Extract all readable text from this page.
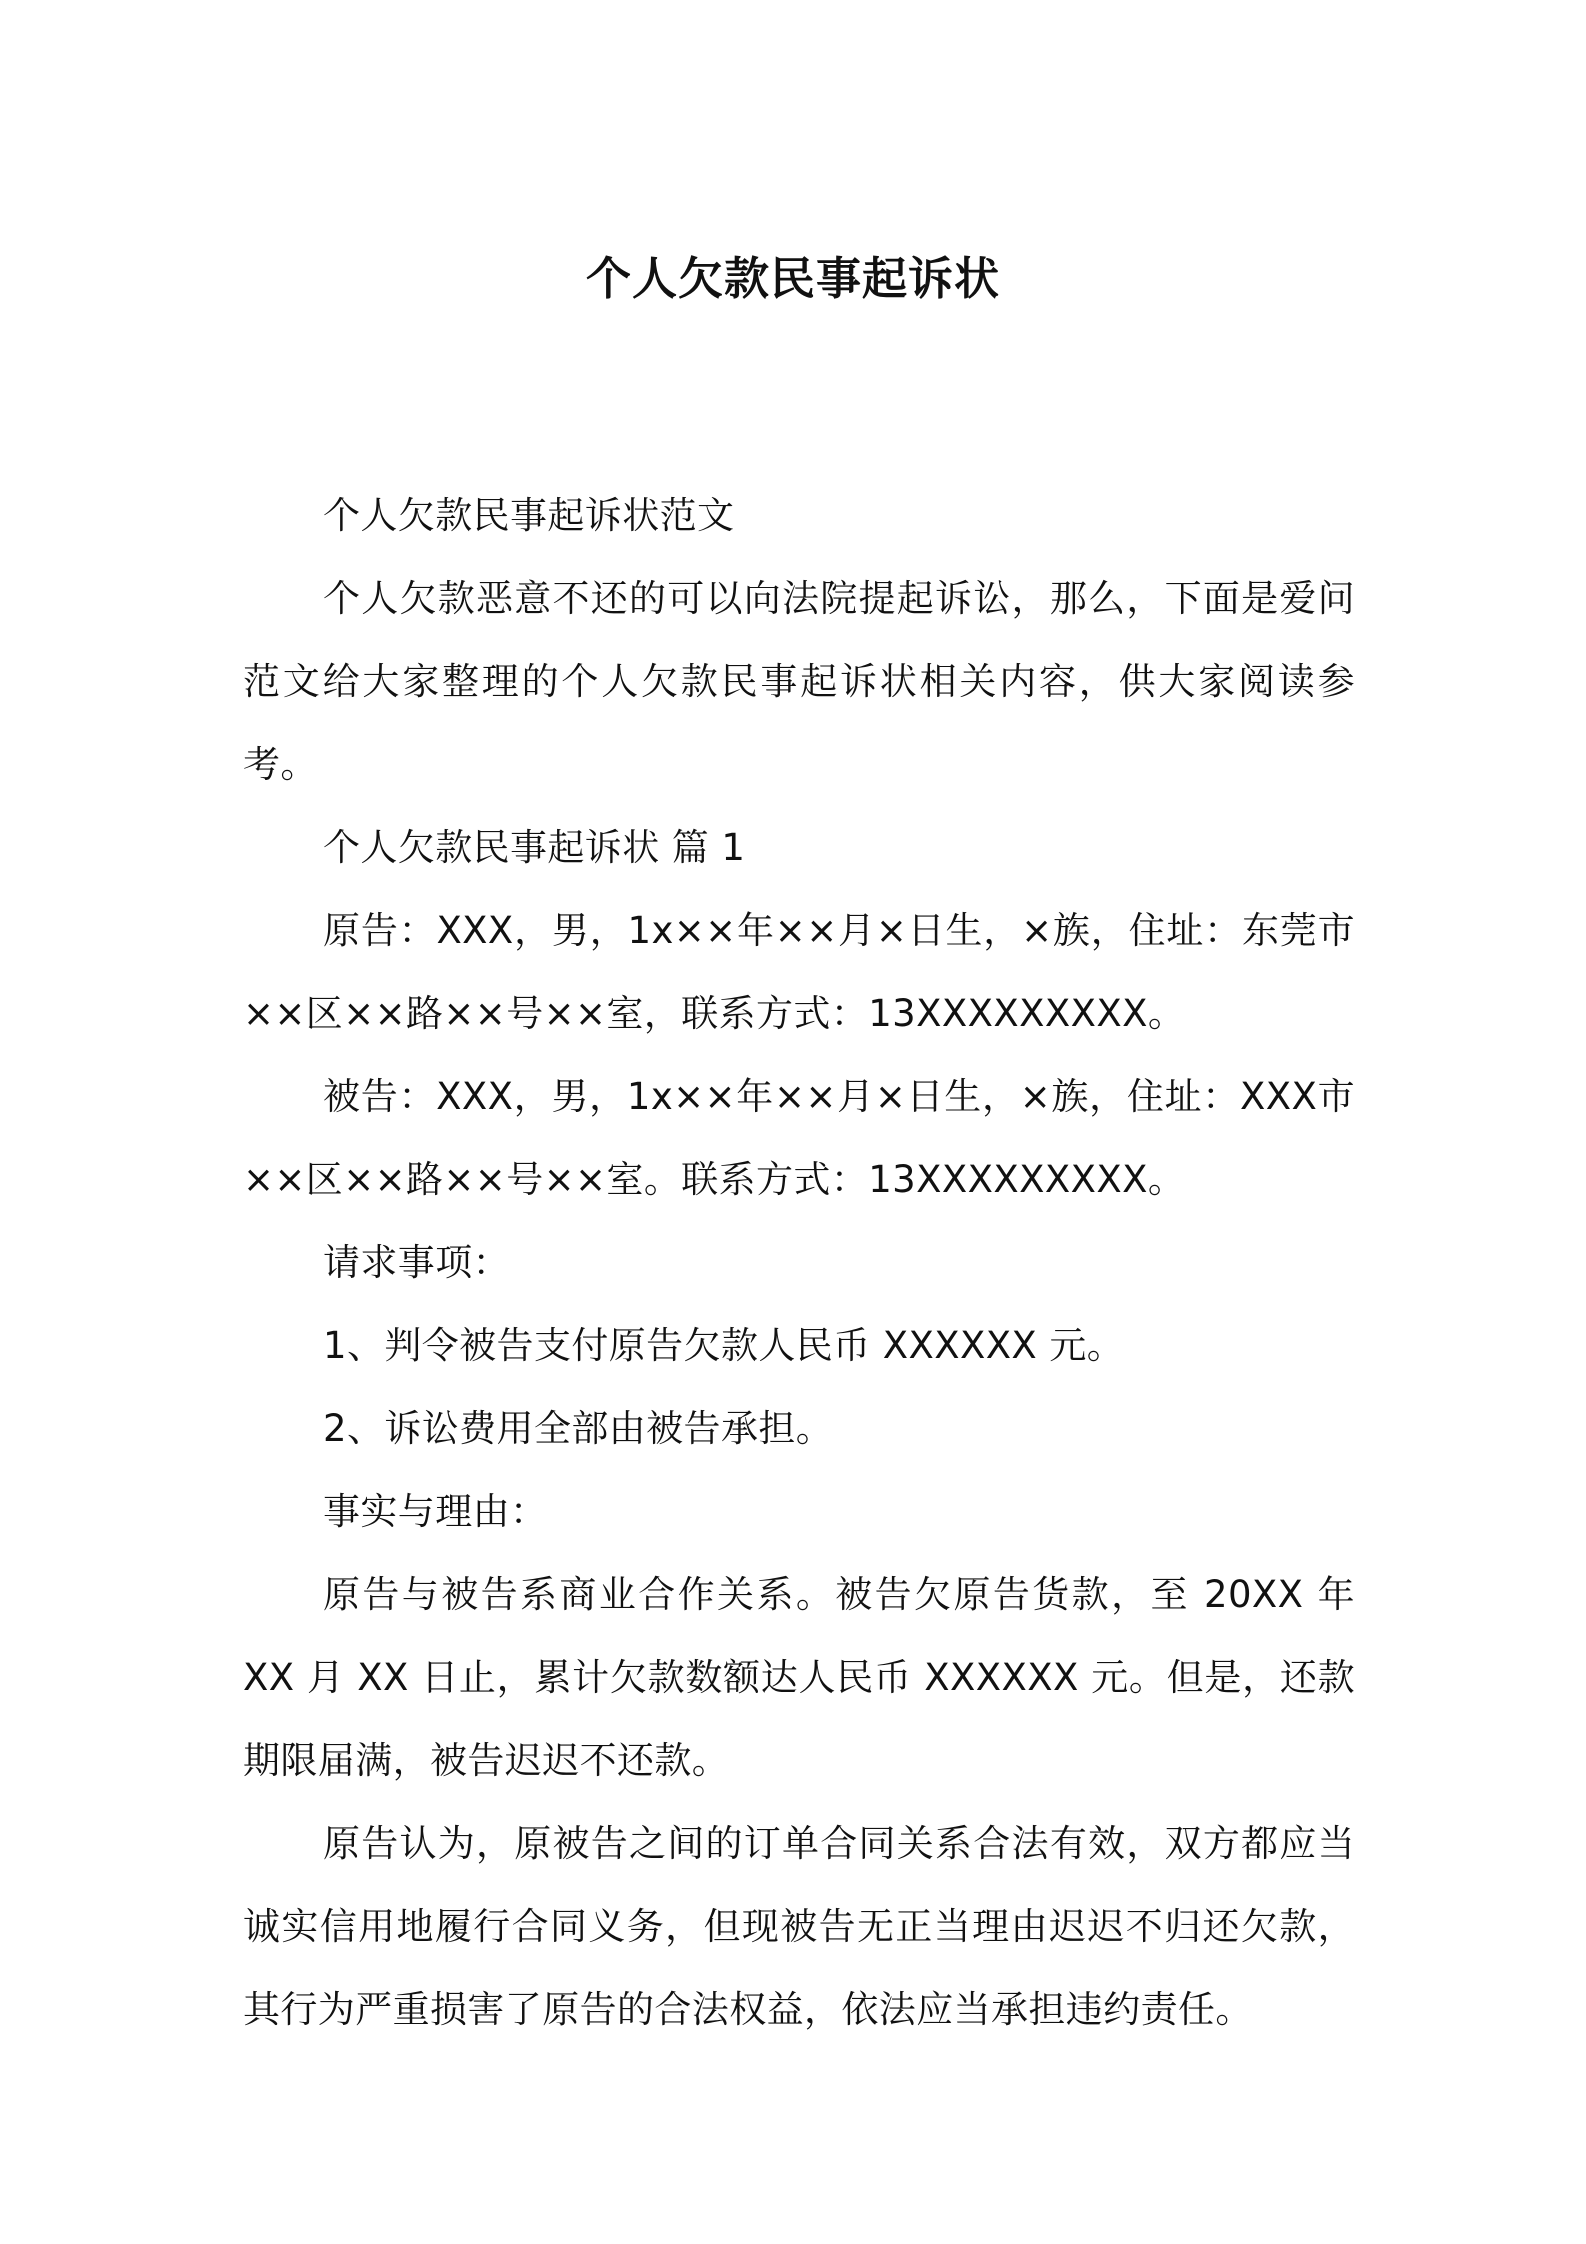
个人欠款民事起诉状

个人欠款民事起诉状范文

个人欠款恶意不还的可以向法院提起诉讼，那么，下面是爱问范文给大家整理的个人欠款民事起诉状相关内容，供大家阅读参考。

个人欠款民事起诉状 篇 1

原告：XXX，男，1x××年××月×日生，×族，住址：东莞市××区××路××号××室，联系方式：13XXXXXXXXX。

被告：XXX，男，1x××年××月×日生，×族，住址：XXX市××区××路××号××室。联系方式：13XXXXXXXXX。

请求事项：

1、判令被告支付原告欠款人民币 XXXXXX 元。

2、诉讼费用全部由被告承担。

事实与理由：

原告与被告系商业合作关系。被告欠原告货款，至 20XX 年 XX 月 XX 日止，累计欠款数额达人民币 XXXXXX 元。但是，还款期限届满，被告迟迟不还款。

原告认为，原被告之间的订单合同关系合法有效，双方都应当诚实信用地履行合同义务，但现被告无正当理由迟迟不归还欠款，其行为严重损害了原告的合法权益，依法应当承担违约责任。
